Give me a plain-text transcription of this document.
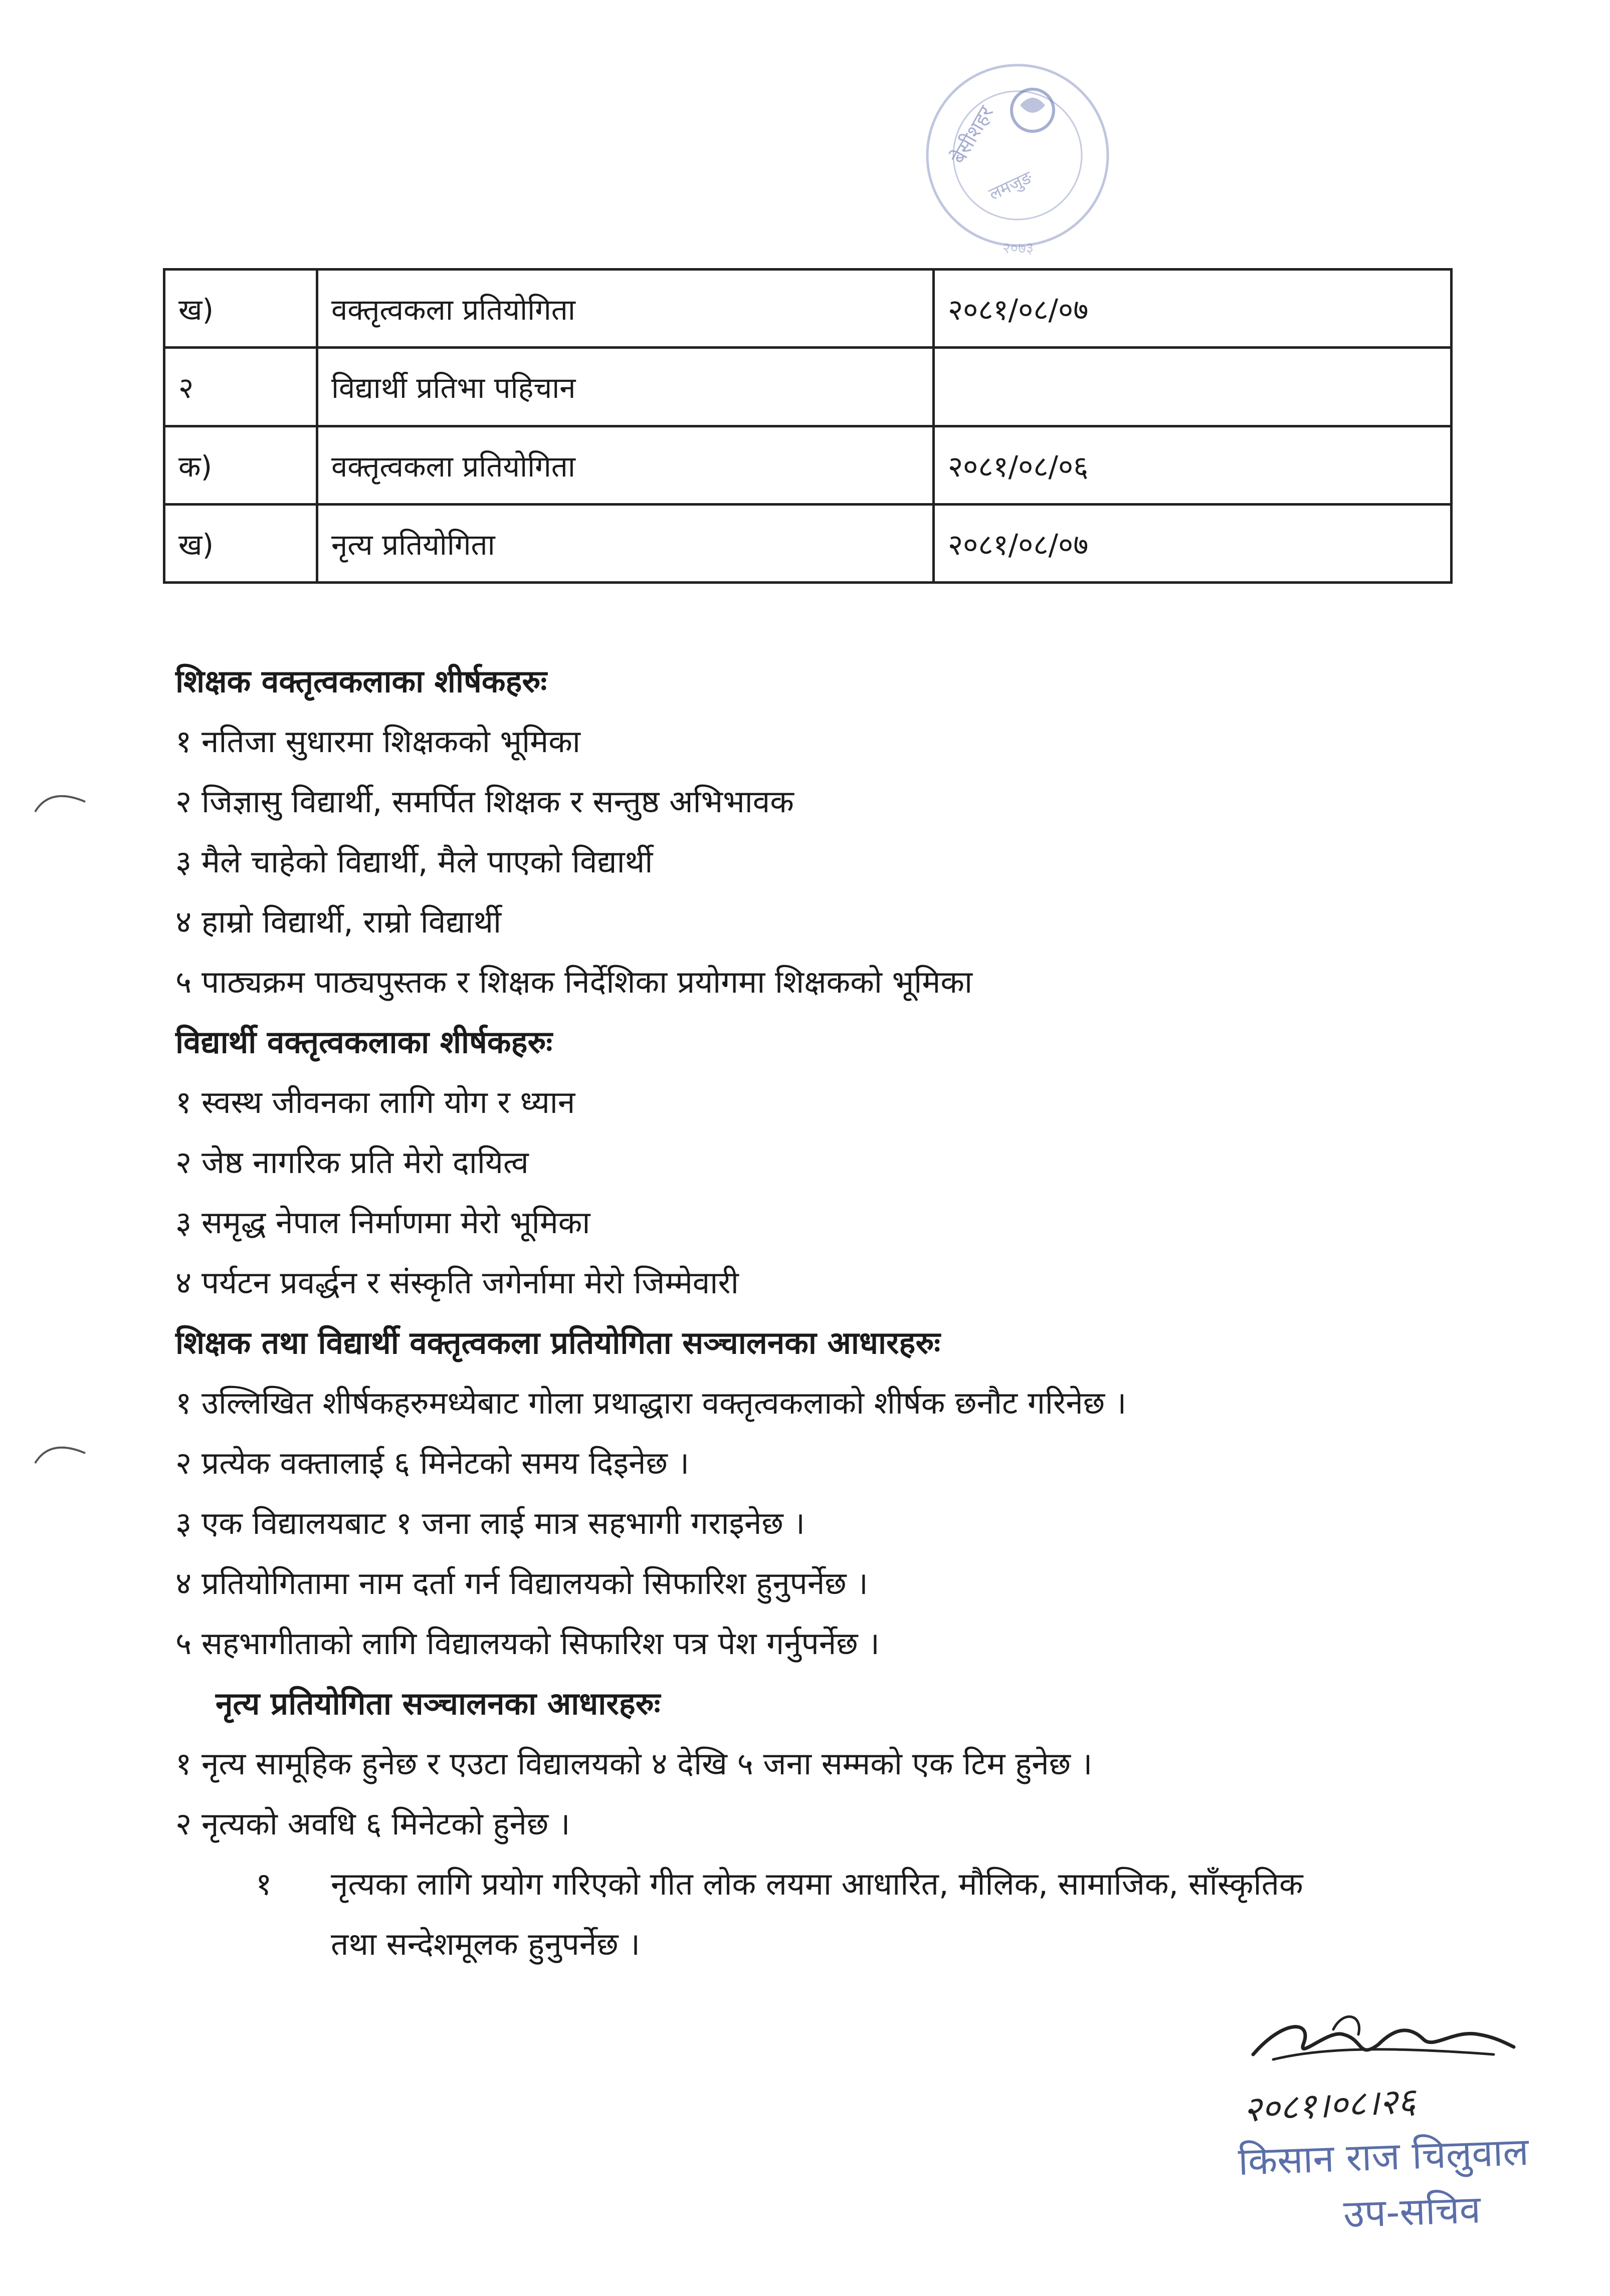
बेसीशहर
लमजुङ
२०७३
ख)	वक्तृत्वकला प्रतियोगिता	२०८१/०८/०७
२	विद्यार्थी प्रतिभा पहिचान	
क)	वक्तृत्वकला प्रतियोगिता	२०८१/०८/०६
ख)	नृत्य प्रतियोगिता	२०८१/०८/०७
शिक्षक वक्तृत्वकलाका शीर्षकहरुः
१ नतिजा सुधारमा शिक्षकको भूमिका
२ जिज्ञासु विद्यार्थी, समर्पित शिक्षक र सन्तुष्ठ अभिभावक
३ मैले चाहेको विद्यार्थी, मैले पाएको विद्यार्थी
४ हाम्रो विद्यार्थी, राम्रो विद्यार्थी
५ पाठ्यक्रम पाठ्यपुस्तक र शिक्षक निर्देशिका प्रयोगमा शिक्षकको भूमिका
विद्यार्थी वक्तृत्वकलाका शीर्षकहरुः
१ स्वस्थ जीवनका लागि योग र ध्यान
२ जेष्ठ नागरिक प्रति मेरो दायित्व
३ समृद्ध नेपाल निर्माणमा मेरो भूमिका
४ पर्यटन प्रवर्द्धन र संस्कृति जगेर्नामा मेरो जिम्मेवारी
शिक्षक तथा विद्यार्थी वक्तृत्वकला प्रतियोगिता सञ्चालनका आधारहरुः
१ उल्लिखित शीर्षकहरुमध्येबाट गोला प्रथाद्धारा वक्तृत्वकलाको शीर्षक छनौट गरिनेछ ।
२ प्रत्येक वक्तालाई ६ मिनेटको समय दिइनेछ ।
३ एक विद्यालयबाट १ जना लाई मात्र सहभागी गराइनेछ ।
४ प्रतियोगितामा नाम दर्ता गर्न विद्यालयको सिफारिश हुनुपर्नेछ ।
५ सहभागीताको लागि विद्यालयको सिफारिश पत्र पेश गर्नुपर्नेछ ।
नृत्य प्रतियोगिता सञ्चालनका आधारहरुः
१ नृत्य सामूहिक हुनेछ र एउटा विद्यालयको ४ देखि ५ जना सम्मको एक टिम हुनेछ ।
२ नृत्यको अवधि ६ मिनेटको हुनेछ ।
१	नृत्यका लागि प्रयोग गरिएको गीत लोक लयमा आधारित, मौलिक, सामाजिक, साँस्कृतिक
तथा सन्देशमूलक हुनुपर्नेछ ।
२०८१।०८।२६
किसान राज चिलुवाल
उप-सचिव
